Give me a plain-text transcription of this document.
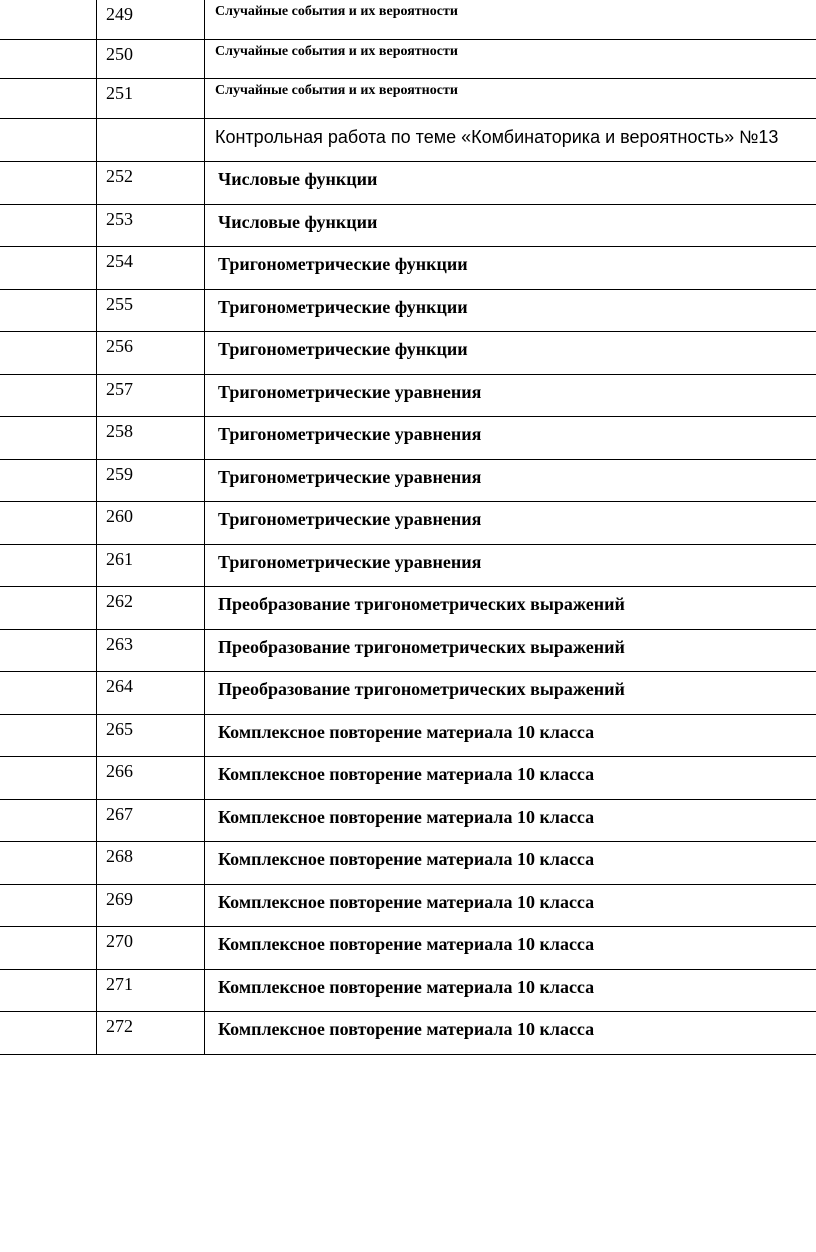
	249	Случайные события и их вероятности
	250	Случайные события и их вероятности
	251	Случайные события и их вероятности
		Контрольная работа по теме «Комбинаторика и вероятность» №13
	252	Числовые функции
	253	Числовые функции
	254	Тригонометрические функции
	255	Тригонометрические функции
	256	Тригонометрические функции
	257	Тригонометрические уравнения
	258	Тригонометрические уравнения
	259	Тригонометрические уравнения
	260	Тригонометрические уравнения
	261	Тригонометрические уравнения
	262	Преобразование тригонометрических выражений
	263	Преобразование тригонометрических выражений
	264	Преобразование тригонометрических выражений
	265	Комплексное повторение материала 10 класса
	266	Комплексное повторение материала 10 класса
	267	Комплексное повторение материала 10 класса
	268	Комплексное повторение материала 10 класса
	269	Комплексное повторение материала 10 класса
	270	Комплексное повторение материала 10 класса
	271	Комплексное повторение материала 10 класса
	272	Комплексное повторение материала 10 класса
